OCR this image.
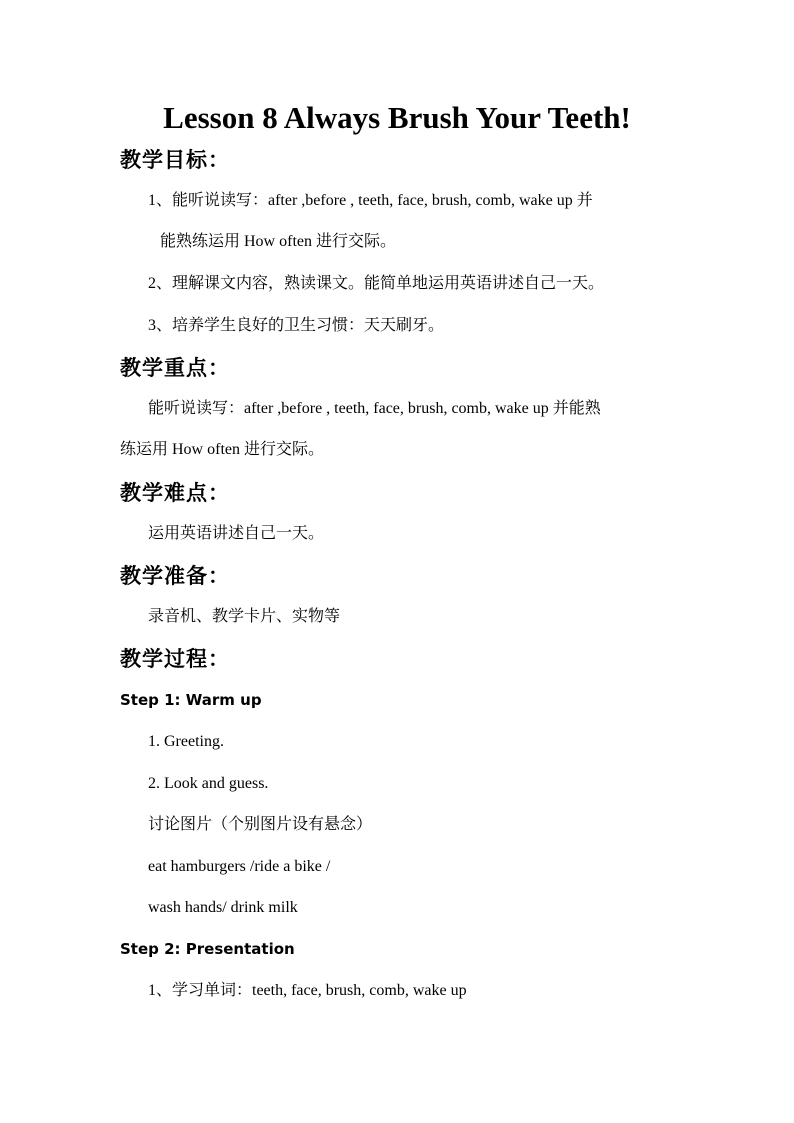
Lesson 8 Always Brush Your Teeth!
教学目标：

1、能听说读写：after ,before , teeth, face, brush, comb, wake up 并

能熟练运用 How often 进行交际。

2、理解课文内容，熟读课文。能简单地运用英语讲述自己一天。

3、培养学生良好的卫生习惯：天天刷牙。

教学重点：

能听说读写：after ,before , teeth, face, brush, comb, wake up 并能熟

练运用 How often 进行交际。

教学难点：

运用英语讲述自己一天。

教学准备：

录音机、教学卡片、实物等

教学过程：

Step 1: Warm up

1. Greeting.

2. Look and guess.

讨论图片（个别图片设有悬念）

eat hamburgers /ride a bike /

wash hands/ drink milk

Step 2: Presentation

1、学习单词：teeth, face, brush, comb, wake up
